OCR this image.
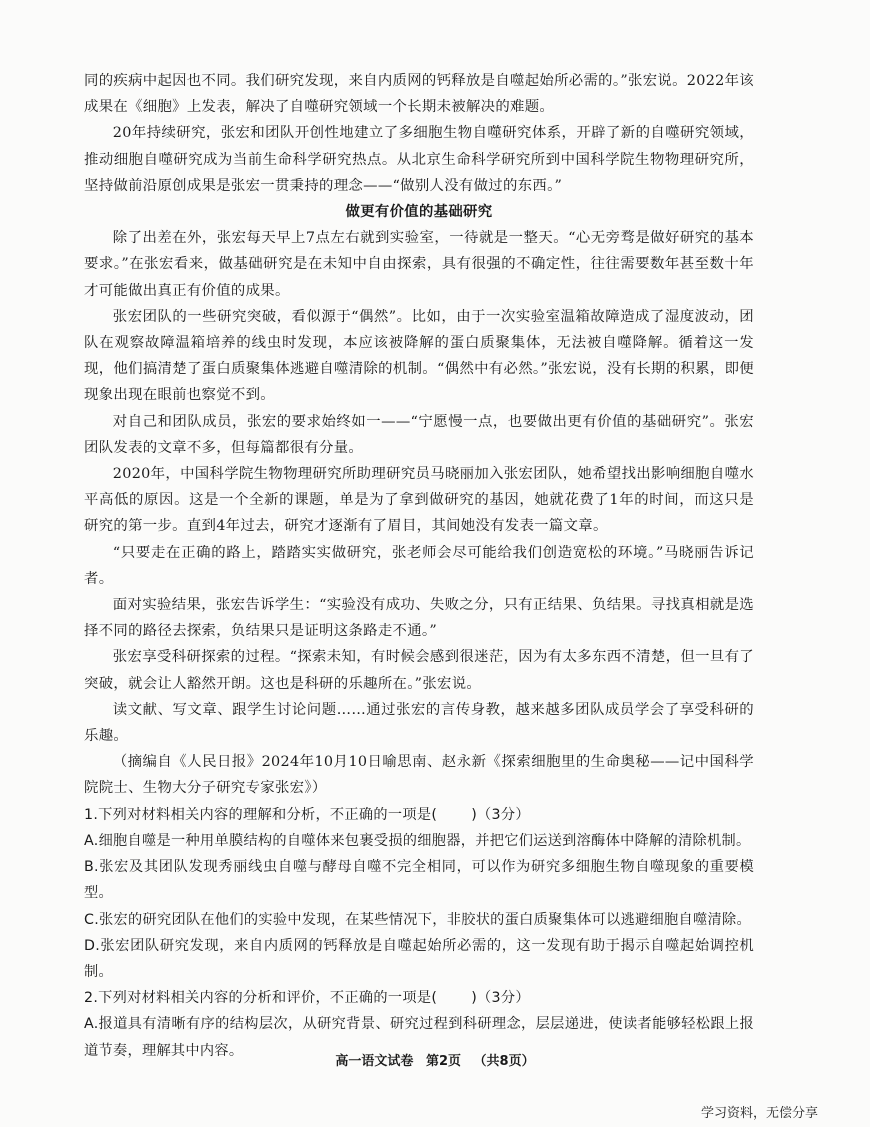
同的疾病中起因也不同。我们研究发现，来自内质网的钙释放是自噬起始所必需的。”张宏说。2022年该成果在《细胞》上发表，解决了自噬研究领域一个长期未被解决的难题。

20年持续研究，张宏和团队开创性地建立了多细胞生物自噬研究体系，开辟了新的自噬研究领域，推动细胞自噬研究成为当前生命科学研究热点。从北京生命科学研究所到中国科学院生物物理研究所，坚持做前沿原创成果是张宏一贯秉持的理念——“做别人没有做过的东西。”

做更有价值的基础研究

除了出差在外，张宏每天早上7点左右就到实验室，一待就是一整天。“心无旁骛是做好研究的基本要求。”在张宏看来，做基础研究是在未知中自由探索，具有很强的不确定性，往往需要数年甚至数十年才可能做出真正有价值的成果。

张宏团队的一些研究突破，看似源于“偶然”。比如，由于一次实验室温箱故障造成了湿度波动，团队在观察故障温箱培养的线虫时发现，本应该被降解的蛋白质聚集体，无法被自噬降解。循着这一发现，他们搞清楚了蛋白质聚集体逃避自噬清除的机制。“偶然中有必然。”张宏说，没有长期的积累，即便现象出现在眼前也察觉不到。

对自己和团队成员，张宏的要求始终如一——“宁愿慢一点，也要做出更有价值的基础研究”。张宏团队发表的文章不多，但每篇都很有分量。

2020年，中国科学院生物物理研究所助理研究员马晓丽加入张宏团队，她希望找出影响细胞自噬水平高低的原因。这是一个全新的课题，单是为了拿到做研究的基因，她就花费了1年的时间，而这只是研究的第一步。直到4年过去，研究才逐渐有了眉目，其间她没有发表一篇文章。

“只要走在正确的路上，踏踏实实做研究，张老师会尽可能给我们创造宽松的环境。”马晓丽告诉记者。

面对实验结果，张宏告诉学生：“实验没有成功、失败之分，只有正结果、负结果。寻找真相就是选择不同的路径去探索，负结果只是证明这条路走不通。”

张宏享受科研探索的过程。“探索未知，有时候会感到很迷茫，因为有太多东西不清楚，但一旦有了突破，就会让人豁然开朗。这也是科研的乐趣所在。”张宏说。

读文献、写文章、跟学生讨论问题……通过张宏的言传身教，越来越多团队成员学会了享受科研的乐趣。

（摘编自《人民日报》2024年10月10日喻思南、赵永新《探索细胞里的生命奥秘——记中国科学院院士、生物大分子研究专家张宏》）

1.下列对材料相关内容的理解和分析，不正确的一项是( )（3分）

A.细胞自噬是一种用单膜结构的自噬体来包裹受损的细胞器，并把它们运送到溶酶体中降解的清除机制。

B.张宏及其团队发现秀丽线虫自噬与酵母自噬不完全相同，可以作为研究多细胞生物自噬现象的重要模型。

C.张宏的研究团队在他们的实验中发现，在某些情况下，非胶状的蛋白质聚集体可以逃避细胞自噬清除。

D.张宏团队研究发现，来自内质网的钙释放是自噬起始所必需的，这一发现有助于揭示自噬起始调控机制。

2.下列对材料相关内容的分析和评价，不正确的一项是( )（3分）

A.报道具有清晰有序的结构层次，从研究背景、研究过程到科研理念，层层递进，使读者能够轻松跟上报道节奏，理解其中内容。

高一语文试卷 第2页 （共8页）
学习资料，无偿分享
